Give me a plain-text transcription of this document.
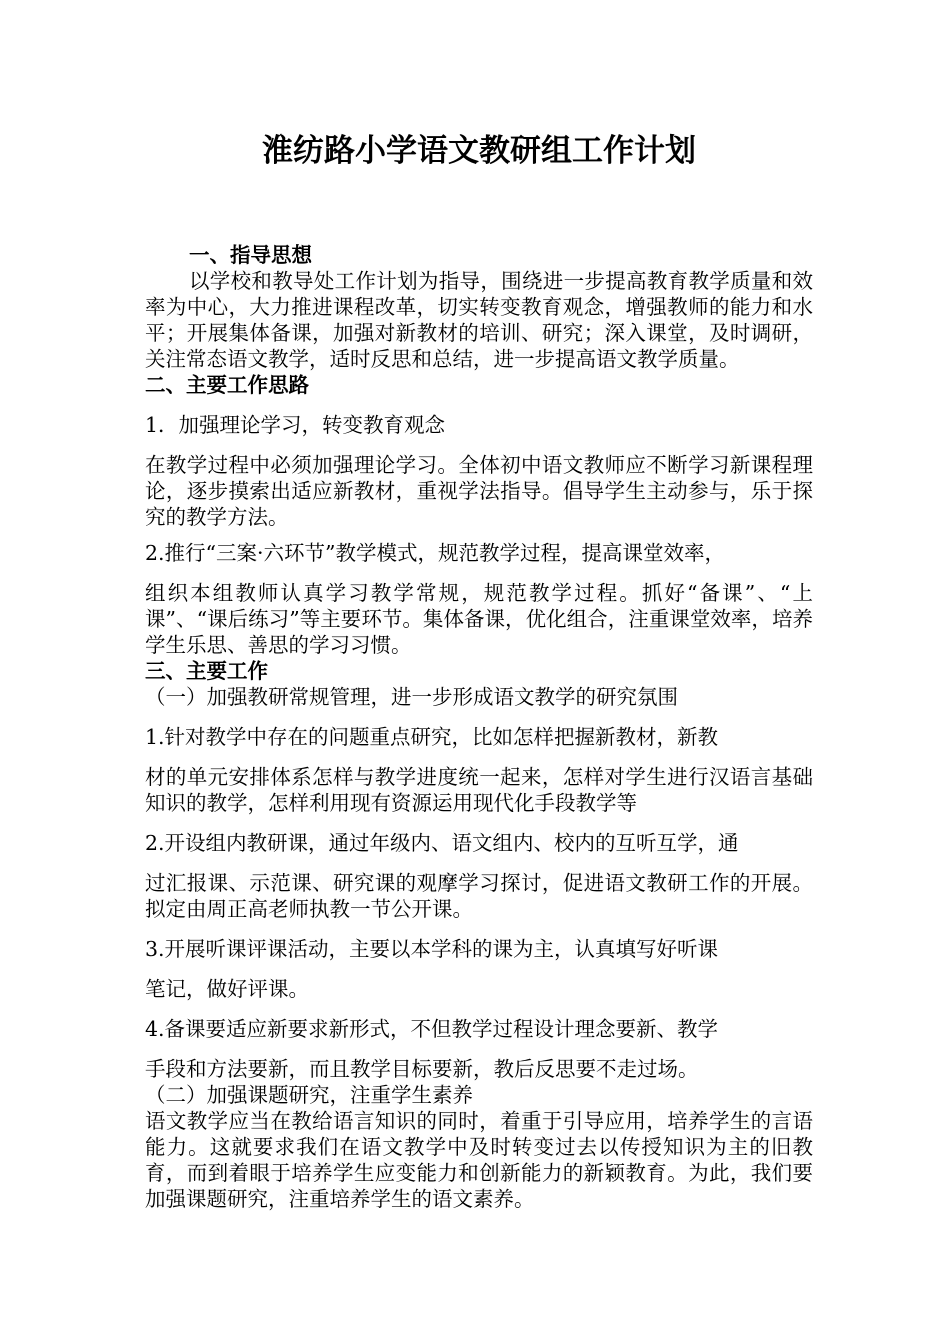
淮纺路小学语文教研组工作计划

一、指导思想

以学校和教导处工作计划为指导，围绕进一步提高教育教学质量和效率为中心，大力推进课程改革，切实转变教育观念，增强教师的能力和水平；开展集体备课，加强对新教材的培训、研究；深入课堂，及时调研，关注常态语文教学，适时反思和总结，进一步提高语文教学质量。

二、主要工作思路

1．加强理论学习，转变教育观念

在教学过程中必须加强理论学习。全体初中语文教师应不断学习新课程理论，逐步摸索出适应新教材，重视学法指导。倡导学生主动参与，乐于探究的教学方法。

2.推行“三案·六环节”教学模式，规范教学过程，提高课堂效率，

组织本组教师认真学习教学常规，规范教学过程。抓好“备课”、“上课”、“课后练习”等主要环节。集体备课，优化组合，注重课堂效率，培养学生乐思、善思的学习习惯。

三、主要工作

（一）加强教研常规管理，进一步形成语文教学的研究氛围

1.针对教学中存在的问题重点研究，比如怎样把握新教材，新教

材的单元安排体系怎样与教学进度统一起来，怎样对学生进行汉语言基础知识的教学，怎样利用现有资源运用现代化手段教学等

2.开设组内教研课，通过年级内、语文组内、校内的互听互学，通

过汇报课、示范课、研究课的观摩学习探讨，促进语文教研工作的开展。拟定由周正高老师执教一节公开课。

3.开展听课评课活动，主要以本学科的课为主，认真填写好听课

笔记，做好评课。

4.备课要适应新要求新形式，不但教学过程设计理念要新、教学

手段和方法要新，而且教学目标要新，教后反思要不走过场。

（二）加强课题研究，注重学生素养

语文教学应当在教给语言知识的同时，着重于引导应用，培养学生的言语能力。这就要求我们在语文教学中及时转变过去以传授知识为主的旧教育，而到着眼于培养学生应变能力和创新能力的新颖教育。为此，我们要加强课题研究，注重培养学生的语文素养。
